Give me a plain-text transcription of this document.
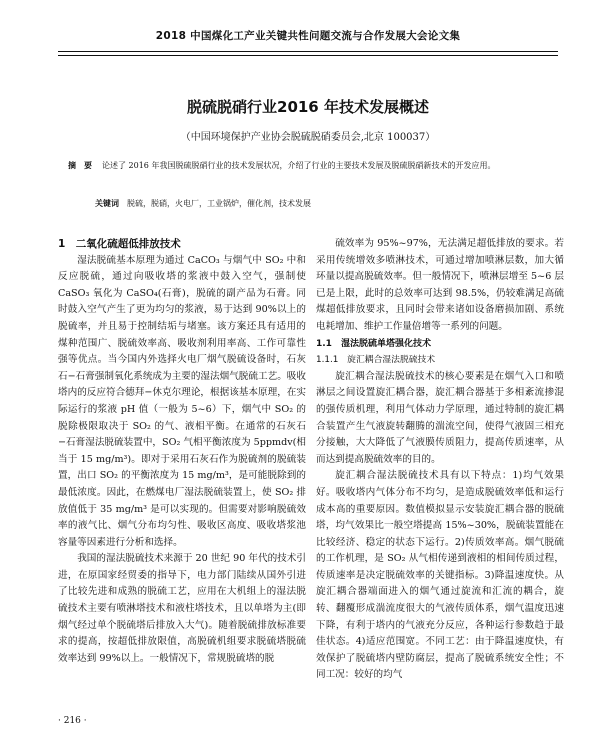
2018 中国煤化工产业关键共性问题交流与合作发展大会论文集
脱硫脱硝行业2016 年技术发展概述
（中国环境保护产业协会脱硫脱硝委员会,北京 100037）
摘　要 论述了 2016 年我国脱硫脱硝行业的技术发展状况，介绍了行业的主要技术发展及脱硫脱硝新技术的开发应用。
关键词 脱硫，脱硝，火电厂，工业锅炉，催化剂，技术发展

1　二氧化硫超低排放技术

湿法脱硫基本原理为通过 CaCO₃ 与烟气中 SO₂ 中和反应脱硫，通过向吸收塔的浆液中鼓入空气，强制使 CaSO₃ 氧化为 CaSO₄(石膏)，脱硫的副产品为石膏。同时鼓入空气产生了更为均匀的浆液，易于达到 90%以上的脱硫率，并且易于控制结垢与堵塞。该方案还具有适用的煤种范围广、脱硫效率高、吸收剂利用率高、工作可靠性强等优点。当今国内外选择火电厂烟气脱硫设备时，石灰石−石膏强制氧化系统成为主要的湿法烟气脱硫工艺。吸收塔内的反应符合德拜−休克尔理论，根据该基本原理，在实际运行的浆液 pH 值（一般为 5~6）下，烟气中 SO₂ 的脱除极限取决于 SO₂ 的气、液相平衡。在通常的石灰石−石膏湿法脱硫装置中，SO₂ 气相平衡浓度为 5ppmdv(相当于 15 mg/m³)。即对于采用石灰石作为脱硫剂的脱硫装置，出口 SO₂ 的平衡浓度为 15 mg/m³，是可能脱除到的最低浓度。因此，在燃煤电厂湿法脱硫装置上，使 SO₂ 排放值低于 35 mg/m³ 是可以实现的。但需要对影响脱硫效率的液气比、烟气分布均匀性、吸收区高度、吸收塔浆池容量等因素进行分析和选择。

我国的湿法脱硫技术来源于 20 世纪 90 年代的技术引进，在原国家经贸委的指导下，电力部门陆续从国外引进了比较先进和成熟的脱硫工艺，应用在大机组上的湿法脱硫技术主要有喷淋塔技术和液柱塔技术，且以单塔为主(即烟气经过单个脱硫塔后排放入大气)。随着脱硫排放标准要求的提高，按超低排放限值，高脱硫机组要求脱硫塔脱硫效率达到 99%以上。一般情况下，常规脱硫塔的脱

硫效率为 95%~97%，无法满足超低排放的要求。若采用传统增效多喷淋技术，可通过增加喷淋层数，加大循环量以提高脱硫效率。但一般情况下，喷淋层增至 5~6 层已是上限，此时的总效率可达到 98.5%，仍较难满足高硫煤超低排放要求，且同时会带来诸如设备磨损加剧、系统电耗增加、维护工作量倍增等一系列的问题。

1.1　湿法脱硫单塔强化技术

1.1.1　旋汇耦合湿法脱硫技术

旋汇耦合湿法脱硫技术的核心要素是在烟气入口和喷淋层之间设置旋汇耦合器，旋汇耦合器基于多相紊流掺混的强传质机理，利用气体动力学原理，通过特制的旋汇耦合装置产生气液旋转翻腾的湍流空间，使得气液固三相充分接触，大大降低了气液膜传质阻力，提高传质速率，从而达到提高脱硫效率的目的。

旋汇耦合湿法脱硫技术具有以下特点：1)均气效果好。吸收塔内气体分布不均匀，是造成脱硫效率低和运行成本高的重要原因。数值模拟显示安装旋汇耦合器的脱硫塔，均气效果比一般空塔提高 15%~30%，脱硫装置能在比较经济、稳定的状态下运行。2)传质效率高。烟气脱硫的工作机理，是 SO₂ 从气相传递到液相的相间传质过程，传质速率是决定脱硫效率的关键指标。3)降温速度快。从旋汇耦合器端面进入的烟气通过旋流和汇流的耦合，旋转、翻覆形成湍流度很大的气液传质体系，烟气温度迅速下降，有利于塔内的气液充分反应，各种运行参数趋于最佳状态。4)适应范围宽。不同工艺：由于降温速度快，有效保护了脱硫塔内壁防腐层，提高了脱硫系统安全性；不同工况：较好的均气

· 216 ·
